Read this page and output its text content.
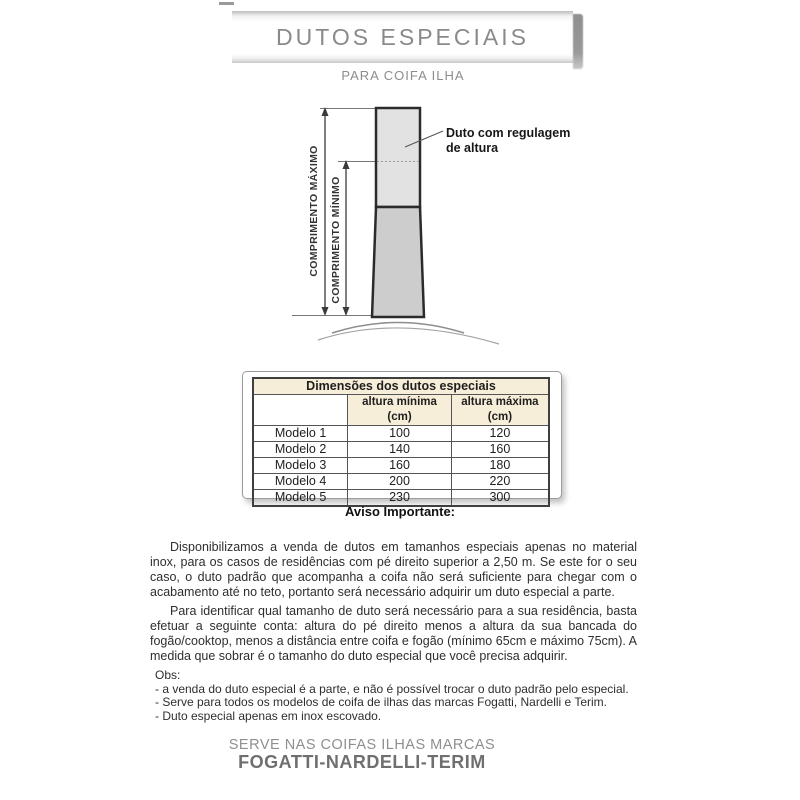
DUTOS ESPECIAIS
PARA COIFA ILHA
COMPRIMENTO MÁXIMO COMPRIMENTO MÍNIMO
Duto com regulagem
de altura
Dimensões dos dutos especiais		
	altura mínima (cm)	altura máxima (cm)
Modelo 1	100	120
Modelo 2	140	160
Modelo 3	160	180
Modelo 4	200	220
Modelo 5	230	300
Aviso Importante:

Disponibilizamos a venda de dutos em tamanhos especiais apenas no material inox, para os casos de residências com pé direito superior a 2,50 m. Se este for o seu caso, o duto padrão que acompanha a coifa não será suficiente para chegar com o acabamento até no teto, portanto será necessário adquirir um duto especial a parte.

Para identificar qual tamanho de duto será necessário para a sua residência, basta efetuar a seguinte conta: altura do pé direito menos a altura da sua bancada do fogão/cooktop, menos a distância entre coifa e fogão (mínimo 65cm e máximo 75cm). A medida que sobrar é o tamanho do duto especial que você precisa adquirir.

Obs:
- a venda do duto especial é a parte, e não é possível trocar o duto padrão pelo especial.
- Serve para todos os modelos de coifa de ilhas das marcas Fogatti, Nardelli e Terim.
- Duto especial apenas em inox escovado.
SERVE NAS COIFAS ILHAS MARCAS
FOGATTI-NARDELLI-TERIM
